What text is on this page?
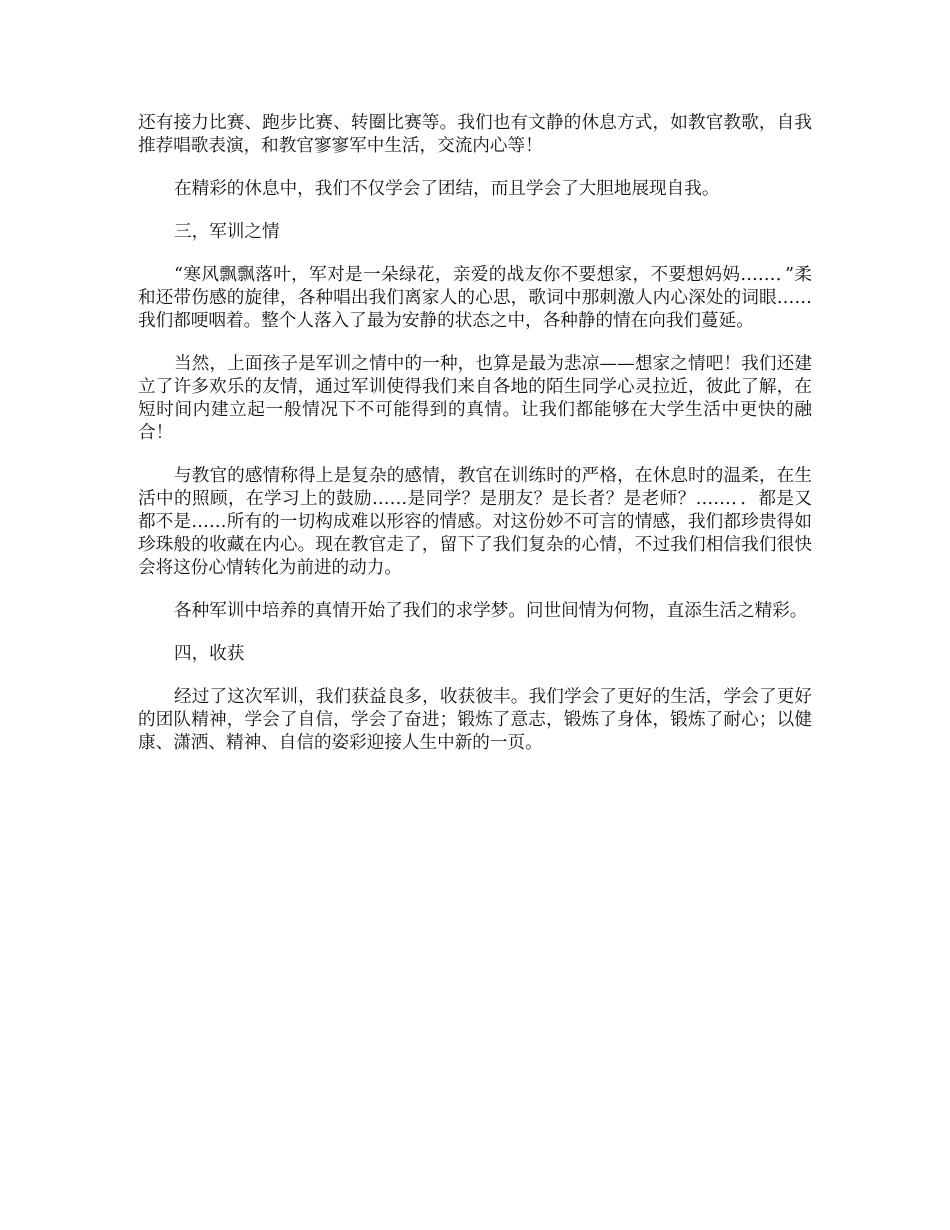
还有接力比赛、跑步比赛、转圈比赛等。我们也有文静的休息方式，如教官教歌，自我推荐唱歌表演，和教官寥寥军中生活，交流内心等！

在精彩的休息中，我们不仅学会了团结，而且学会了大胆地展现自我。

三，军训之情

“寒风飘飘落叶，军对是一朵绿花，亲爱的战友你不要想家，不要想妈妈……．”柔和还带伤感的旋律，各种唱出我们离家人的心思，歌词中那刺激人内心深处的词眼……我们都哽咽着。整个人落入了最为安静的状态之中，各种静的情在向我们蔓延。

当然，上面孩子是军训之情中的一种，也算是最为悲凉——想家之情吧！我们还建立了许多欢乐的友情，通过军训使得我们来自各地的陌生同学心灵拉近，彼此了解，在短时间内建立起一般情况下不可能得到的真情。让我们都能够在大学生活中更快的融合！

与教官的感情称得上是复杂的感情，教官在训练时的严格，在休息时的温柔，在生活中的照顾，在学习上的鼓励……是同学？是朋友？是长者？是老师？……．．都是又都不是……所有的一切构成难以形容的情感。对这份妙不可言的情感，我们都珍贵得如珍珠般的收藏在内心。现在教官走了，留下了我们复杂的心情，不过我们相信我们很快会将这份心情转化为前进的动力。

各种军训中培养的真情开始了我们的求学梦。问世间情为何物，直添生活之精彩。

四，收获

经过了这次军训，我们获益良多，收获彼丰。我们学会了更好的生活，学会了更好的团队精神，学会了自信，学会了奋进；锻炼了意志，锻炼了身体，锻炼了耐心；以健康、潇洒、精神、自信的姿彩迎接人生中新的一页。
